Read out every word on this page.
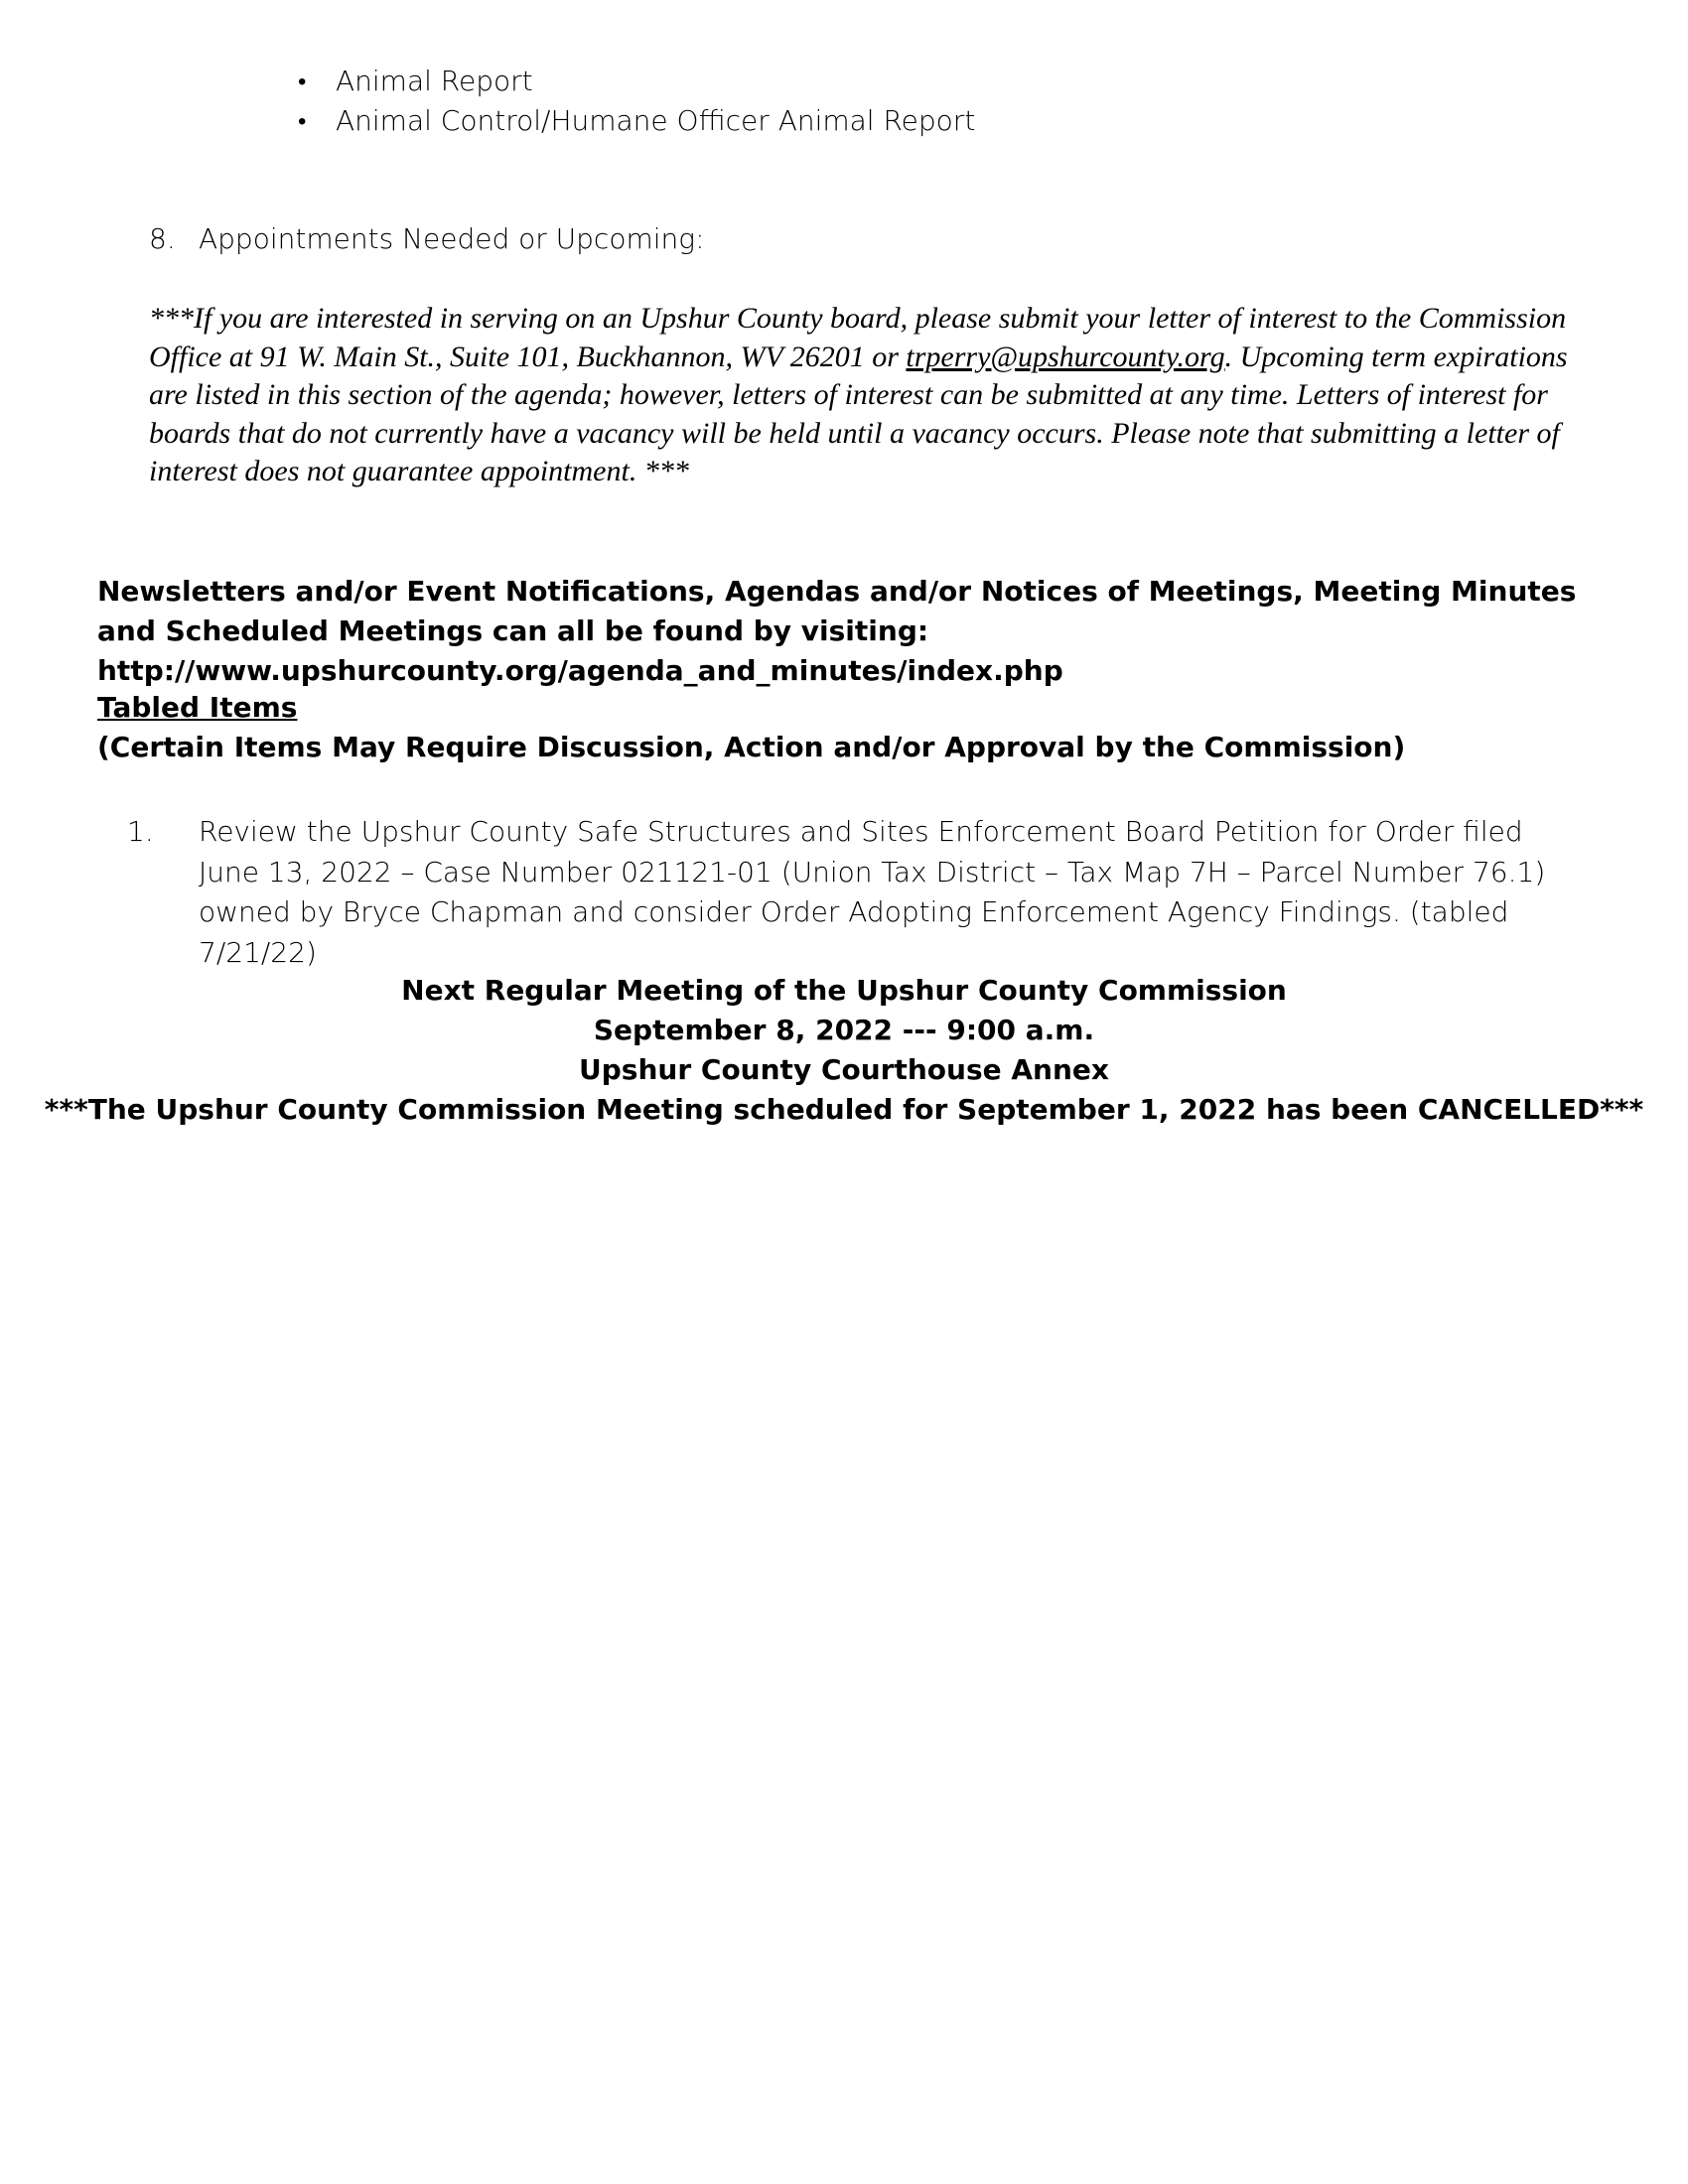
• Animal Report
• Animal Control/Humane Officer Animal Report
8. Appointments Needed or Upcoming:
***If you are interested in serving on an Upshur County board, please submit your letter of interest to the Commission Office at 91 W. Main St., Suite 101, Buckhannon, WV 26201 or trperry@upshurcounty.org. Upcoming term expirations are listed in this section of the agenda; however, letters of interest can be submitted at any time. Letters of interest for boards that do not currently have a vacancy will be held until a vacancy occurs. Please note that submitting a letter of interest does not guarantee appointment. ***
Newsletters and/or Event Notifications, Agendas and/or Notices of Meetings, Meeting Minutes and Scheduled Meetings can all be found by visiting: http://www.upshurcounty.org/agenda_and_minutes/index.php
Tabled Items
(Certain Items May Require Discussion, Action and/or Approval by the Commission)
1. Review the Upshur County Safe Structures and Sites Enforcement Board Petition for Order filed June 13, 2022 – Case Number 021121-01 (Union Tax District – Tax Map 7H – Parcel Number 76.1) owned by Bryce Chapman and consider Order Adopting Enforcement Agency Findings. (tabled 7/21/22)
Next Regular Meeting of the Upshur County Commission
September 8, 2022 --- 9:00 a.m.
Upshur County Courthouse Annex
***The Upshur County Commission Meeting scheduled for September 1, 2022 has been CANCELLED***
